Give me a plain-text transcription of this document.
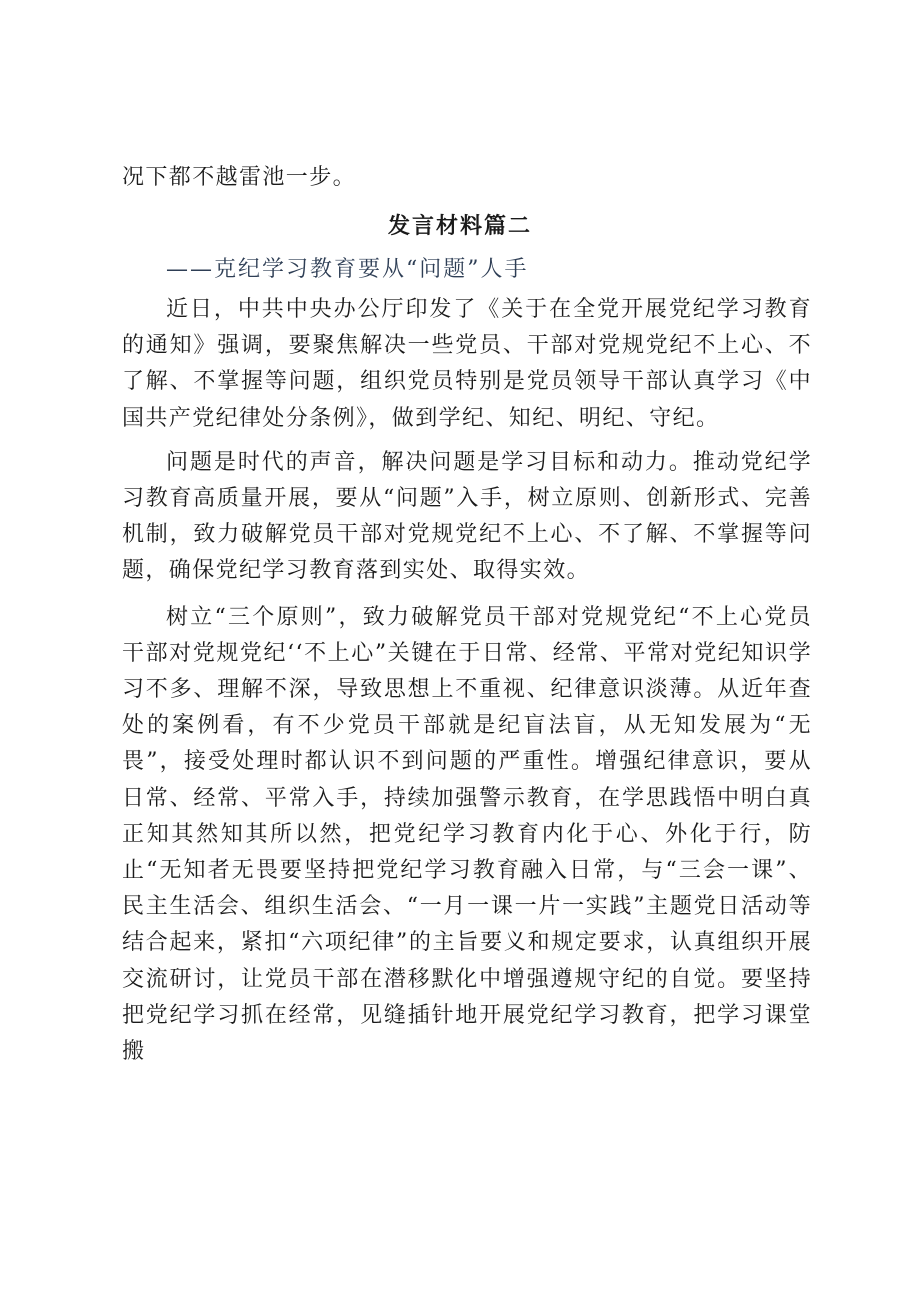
况下都不越雷池一步。
发言材料篇二
——克纪学习教育要从“问题”人手

近日，中共中央办公厅印发了《关于在全党开展党纪学习教育的通知》强调，要聚焦解决一些党员、干部对党规党纪不上心、不了解、不掌握等问题，组织党员特别是党员领导干部认真学习《中国共产党纪律处分条例》，做到学纪、知纪、明纪、守纪。

问题是时代的声音，解决问题是学习目标和动力。推动党纪学习教育高质量开展，要从“问题”入手，树立原则、创新形式、完善机制，致力破解党员干部对党规党纪不上心、不了解、不掌握等问题，确保党纪学习教育落到实处、取得实效。

树立“三个原则”，致力破解党员干部对党规党纪“不上心党员干部对党规党纪‘‘不上心”关键在于日常、经常、平常对党纪知识学习不多、理解不深，导致思想上不重视、纪律意识淡薄。从近年查处的案例看，有不少党员干部就是纪盲法盲，从无知发展为“无畏”，接受处理时都认识不到问题的严重性。增强纪律意识，要从日常、经常、平常入手，持续加强警示教育，在学思践悟中明白真正知其然知其所以然，把党纪学习教育内化于心、外化于行，防止“无知者无畏要坚持把党纪学习教育融入日常，与“三会一课”、民主生活会、组织生活会、“一月一课一片一实践”主题党日活动等结合起来，紧扣“六项纪律”的主旨要义和规定要求，认真组织开展交流研讨，让党员干部在潜移默化中增强遵规守纪的自觉。要坚持把党纪学习抓在经常，见缝插针地开展党纪学习教育，把学习课堂搬
